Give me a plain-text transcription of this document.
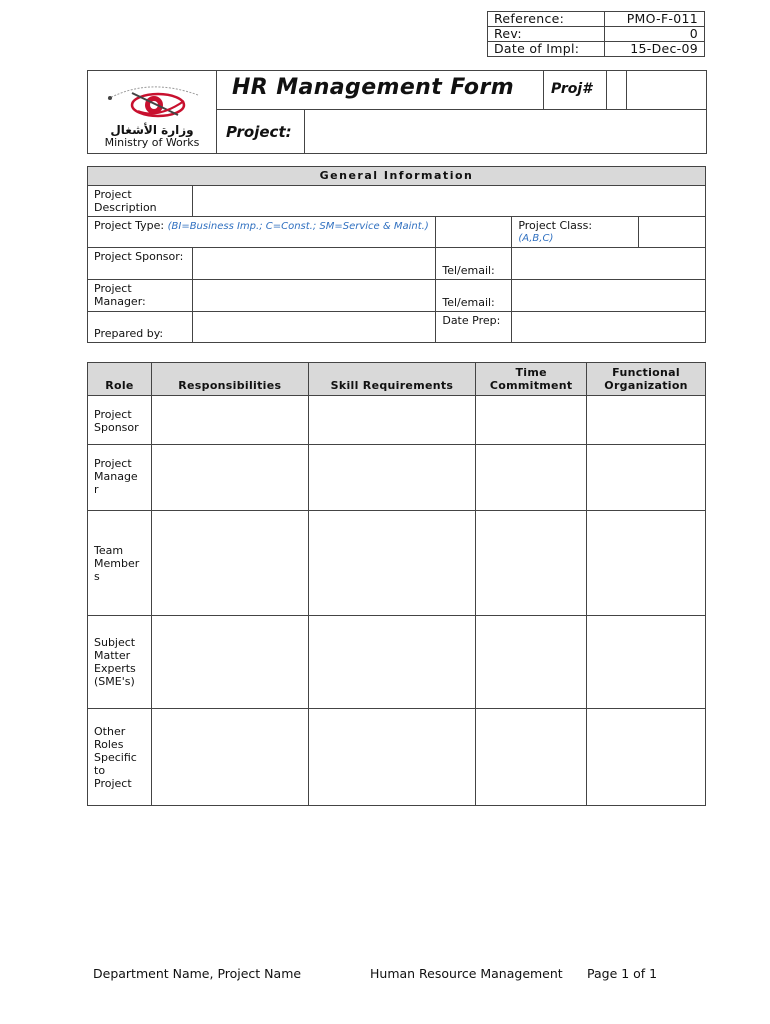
Reference:	PMO-F-011
Rev:	0
Date of Impl:	15-Dec-09
وزارة الأشغال
Ministry of Works
HR Management Form	Proj#
Project:
General Information				
Project Description				
Project Type: (BI=Business Imp.; C=Const.; SM=Service & Maint.)			Project Class:
(A,B,C)	

Project Sponsor:		Tel/email:		
Project Manager:		Tel/email:		
Prepared by:		Date Prep:		
Role	Responsibilities	Skill Requirements	Time Commitment	Functional Organization
Project Sponsor				
Project Manage r				
Team Member s				
Subject Matter Experts (SME's)				
Other Roles Specific to Project				
Department Name, Project Name	Human Resource Management Page 1 of 1
